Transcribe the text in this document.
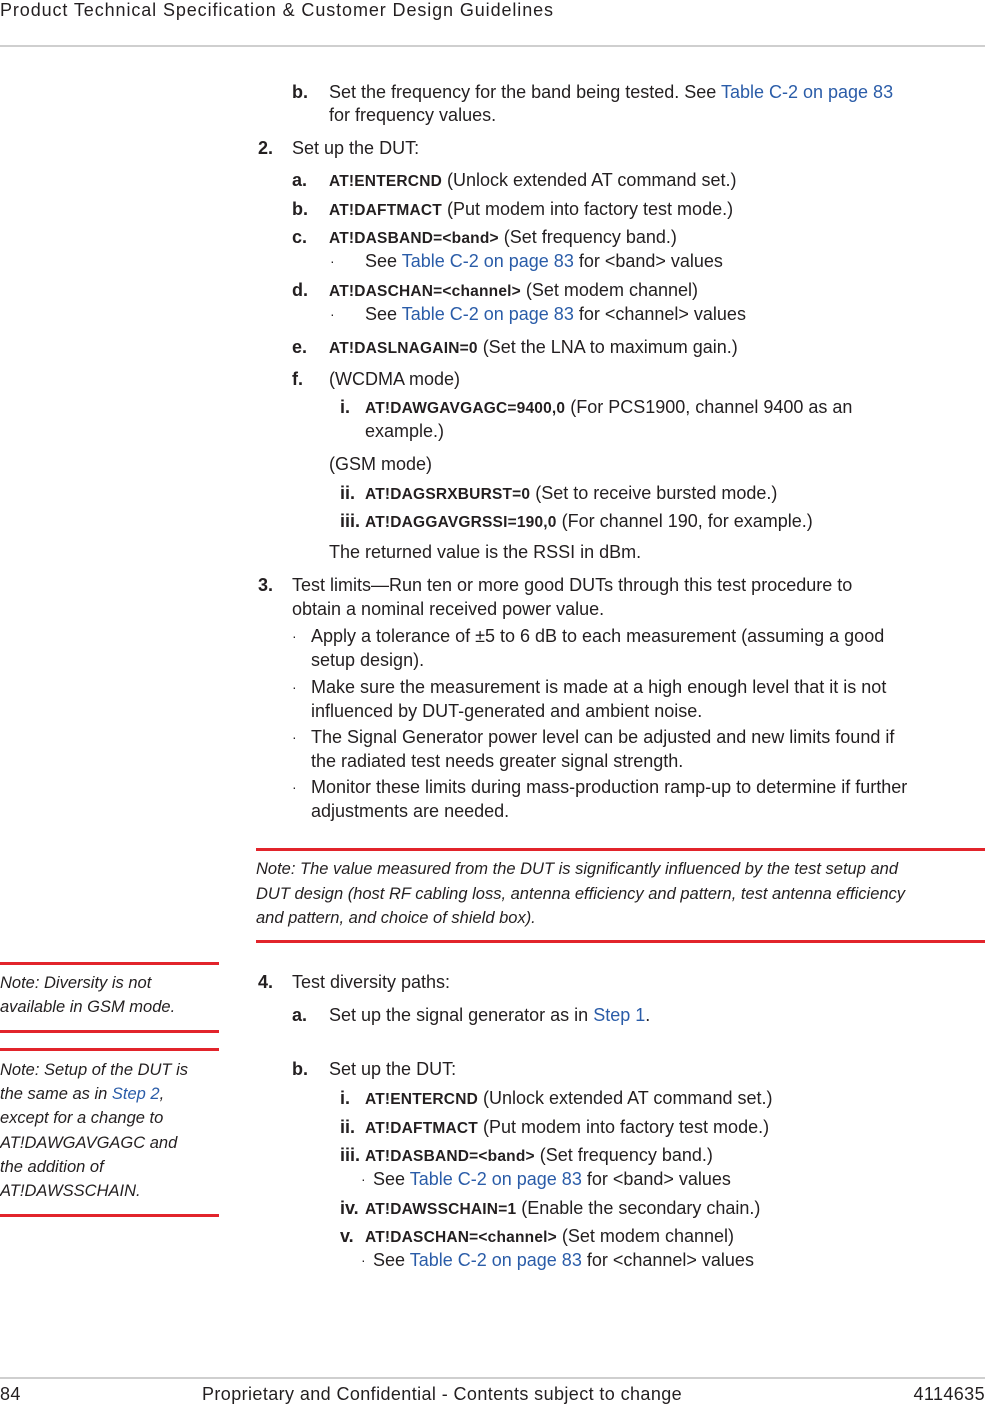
Product Technical Specification & Customer Design Guidelines
b. Set the frequency for the band being tested. See Table C-2 on page 83
for frequency values.
2. Set up the DUT:
a. AT!ENTERCND (Unlock extended AT command set.)
b. AT!DAFTMACT (Put modem into factory test mode.)
c. AT!DASBAND=<band> (Set frequency band.)
· See Table C-2 on page 83 for <band> values
d. AT!DASCHAN=<channel> (Set modem channel)
· See Table C-2 on page 83 for <channel> values
e. AT!DASLNAGAIN=0 (Set the LNA to maximum gain.)
f. (WCDMA mode)
i. AT!DAWGAVGAGC=9400,0 (For PCS1900, channel 9400 as an
example.)
(GSM mode)
ii. AT!DAGSRXBURST=0 (Set to receive bursted mode.)
iii. AT!DAGGAVGRSSI=190,0 (For channel 190, for example.)
The returned value is the RSSI in dBm.
3. Test limits—Run ten or more good DUTs through this test procedure to
obtain a nominal received power value.
· Apply a tolerance of ±5 to 6 dB to each measurement (assuming a good
setup design).
· Make sure the measurement is made at a high enough level that it is not
influenced by DUT-generated and ambient noise.
· The Signal Generator power level can be adjusted and new limits found if
the radiated test needs greater signal strength.
· Monitor these limits during mass-production ramp-up to determine if further
adjustments are needed.
Note: The value measured from the DUT is significantly influenced by the test setup and
DUT design (host RF cabling loss, antenna efficiency and pattern, test antenna efficiency
and pattern, and choice of shield box).
Note: Diversity is not
available in GSM mode.
Note: Setup of the DUT is
the same as in Step 2,
except for a change to
AT!DAWGAVGAGC and
the addition of
AT!DAWSSCHAIN.
4. Test diversity paths:
a. Set up the signal generator as in Step 1.
b. Set up the DUT:
i. AT!ENTERCND (Unlock extended AT command set.)
ii. AT!DAFTMACT (Put modem into factory test mode.)
iii. AT!DASBAND=<band> (Set frequency band.)
· See Table C-2 on page 83 for <band> values
iv. AT!DAWSSCHAIN=1 (Enable the secondary chain.)
v. AT!DASCHAN=<channel> (Set modem channel)
· See Table C-2 on page 83 for <channel> values
84	Proprietary and Confidential - Contents subject to change	4114635
